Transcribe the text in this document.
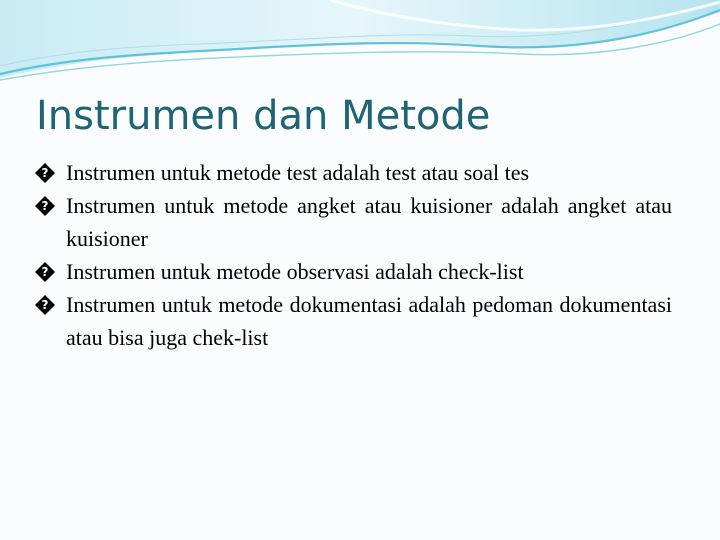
Instrumen dan Metode
? Instrumen untuk metode test adalah test atau soal tes
? Instrumen untuk metode angket atau kuisioner adalah angket atau kuisioner
? Instrumen untuk metode observasi adalah check-list
? Instrumen untuk metode dokumentasi adalah pedoman dokumentasi atau bisa juga chek-list
